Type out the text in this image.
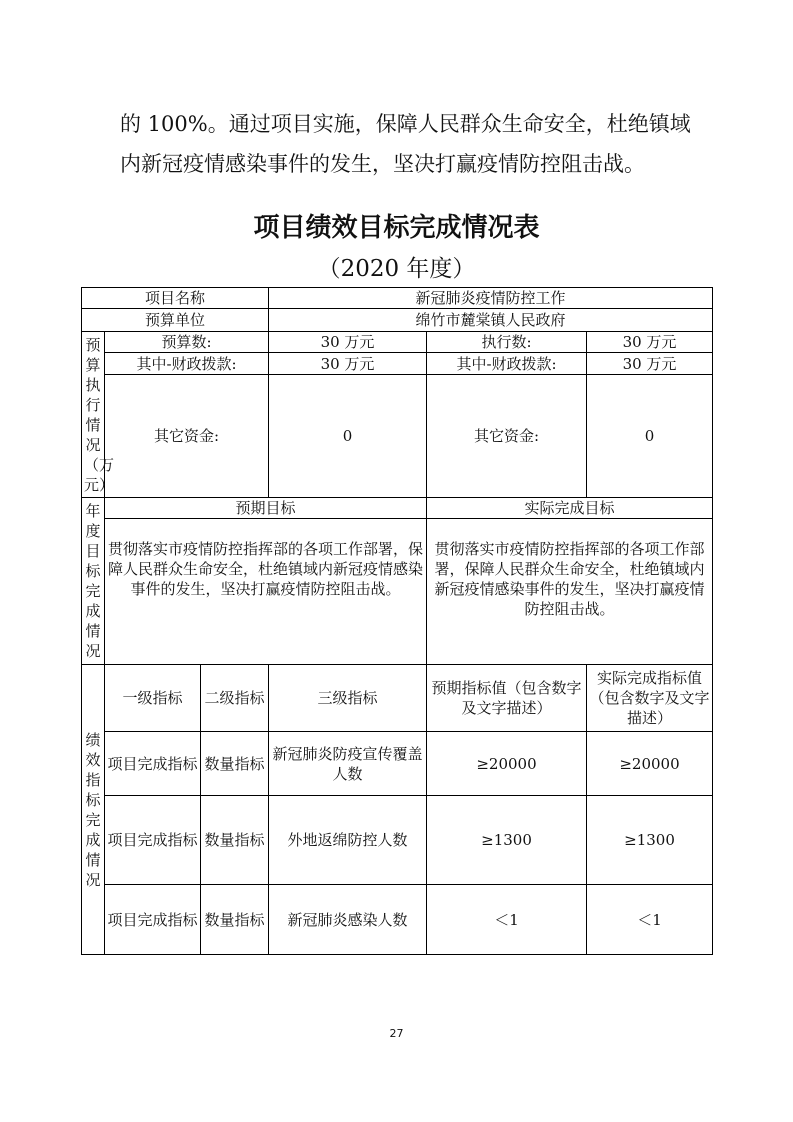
的 100%。通过项目实施，保障人民群众生命安全，杜绝镇域

内新冠疫情感染事件的发生，坚决打赢疫情防控阻击战。

项目绩效目标完成情况表
（2020 年度）
项目名称			新冠肺炎疫情防控工作		
预算单位			绵竹市麓棠镇人民政府		

预算执行情况（万元）	预算数:		30 万元	执行数:	30 万元
	其中-财政拨款:		30 万元	其中-财政拨款:	30 万元
	其它资金:		0	其它资金:	0

年度目标完成情况	预期目标			实际完成目标	
	贯彻落实市疫情防控指挥部的各项工作部署，保障人民群众生命安全，杜绝镇域内新冠疫情感染事件的发生，坚决打赢疫情防控阻击战。			贯彻落实市疫情防控指挥部的各项工作部署，保障人民群众生命安全，杜绝镇域内新冠疫情感染事件的发生，坚决打赢疫情防控阻击战。	

绩效指标完成情况	一级指标	二级指标	三级指标	预期指标值（包含数字及文字描述）	实际完成指标值（包含数字及文字描述）
	项目完成指标	数量指标	新冠肺炎防疫宣传覆盖人数	≥20000	≥20000
	项目完成指标	数量指标	外地返绵防控人数	≥1300	≥1300
	项目完成指标	数量指标	新冠肺炎感染人数	＜1	＜1
27
